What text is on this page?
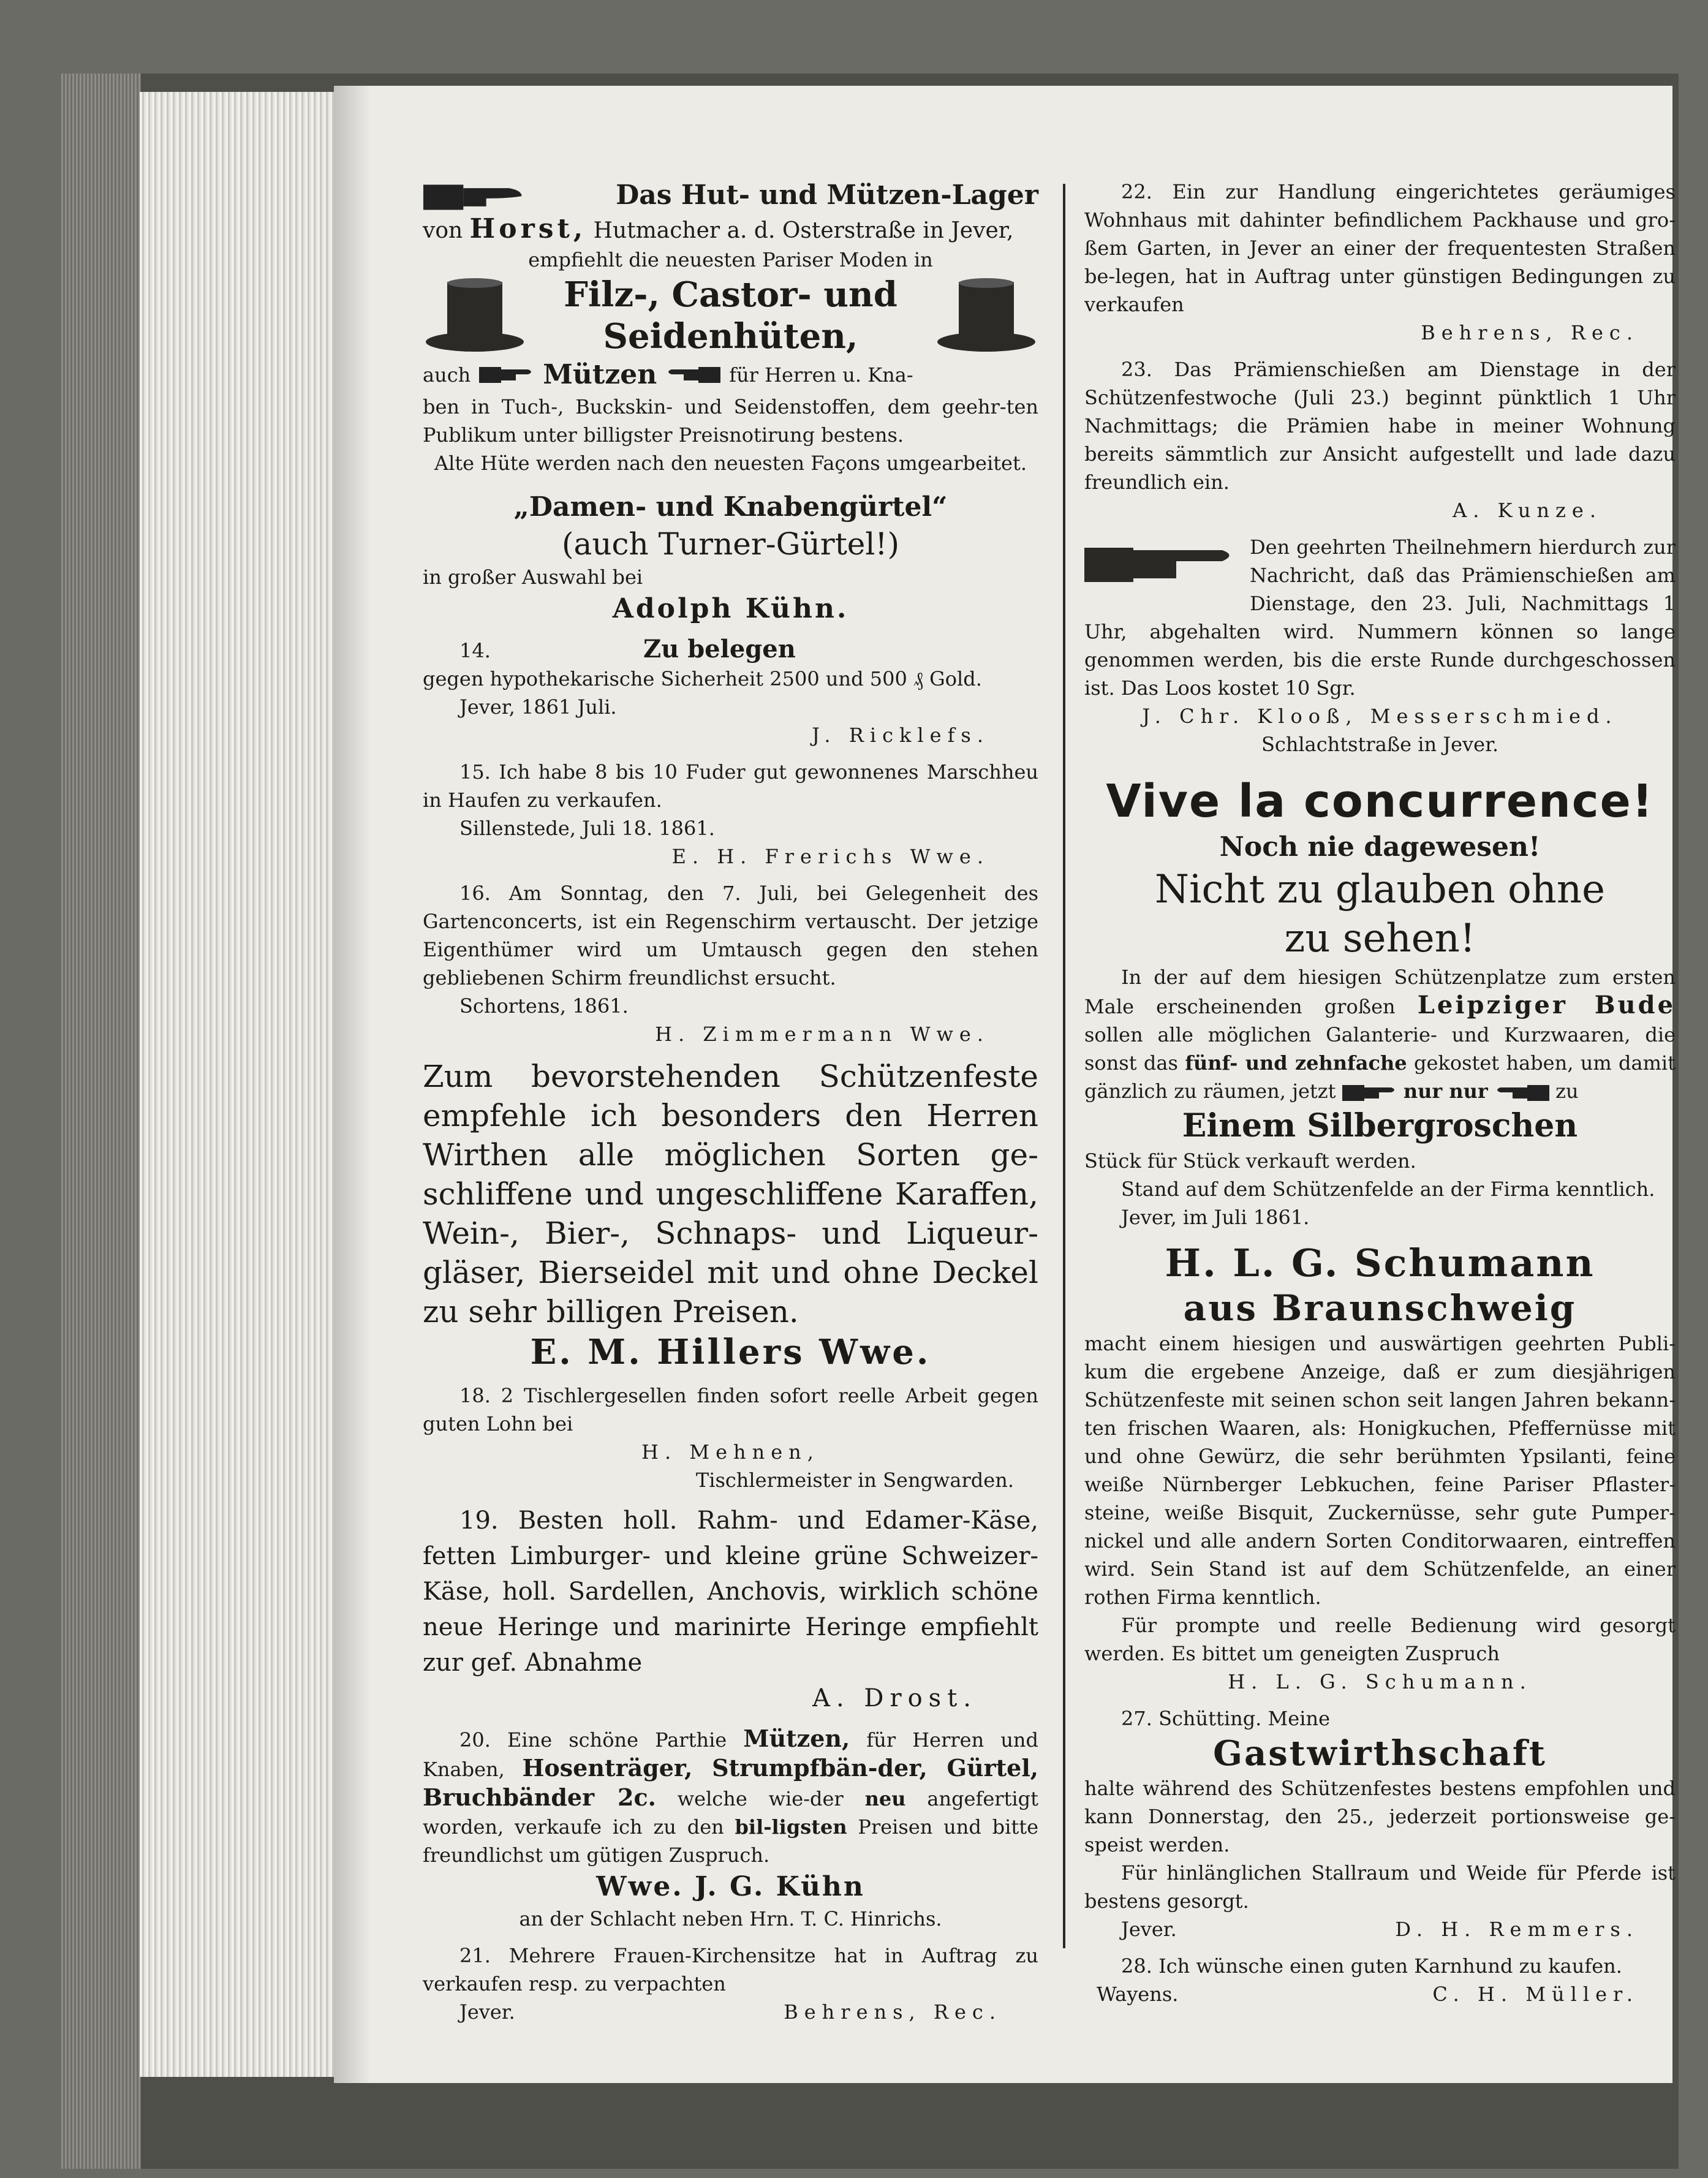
Das Hut- und Mützen-Lager

von Horst, Hutmacher a. d. Osterstraße in Jever,

empfiehlt die neuesten Pariser Moden in

Filz-, Castor- und

Seidenhüten,

auch	Mützen	für Herren u. Kna-

ben in Tuch-, Buckskin- und Seidenstoffen, dem geehr-ten Publikum unter billigster Preisnotirung bestens.

Alte Hüte werden nach den neuesten Façons umgearbeitet.

„Damen- und Knabengürtel“

(auch Turner-Gürtel!)

in großer Auswahl bei

Adolph Kühn.

14.	Zu belegen

gegen hypothekarische Sicherheit 2500 und 500 ₰ Gold.

Jever, 1861 Juli.

J. Ricklefs.

15. Ich habe 8 bis 10 Fuder gut gewonnenes Marschheu in Haufen zu verkaufen.

Sillenstede, Juli 18. 1861.

E. H. Frerichs Wwe.

16. Am Sonntag, den 7. Juli, bei Gelegenheit des Gartenconcerts, ist ein Regenschirm vertauscht. Der jetzige Eigenthümer wird um Umtausch gegen den stehen gebliebenen Schirm freundlichst ersucht.

Schortens, 1861.

H. Zimmermann Wwe.

Zum bevorstehenden Schützenfeste empfehle ich besonders den Herren Wirthen alle möglichen Sorten ge-schliffene und ungeschliffene Karaffen, Wein-, Bier-, Schnaps- und Liqueur-gläser, Bierseidel mit und ohne Deckel zu sehr billigen Preisen.

E. M. Hillers Wwe.

18. 2 Tischlergesellen finden sofort reelle Arbeit gegen guten Lohn bei

H. Mehnen,

Tischlermeister in Sengwarden.

19. Besten holl. Rahm- und Edamer-Käse, fetten Limburger- und kleine grüne Schweizer-Käse, holl. Sardellen, Anchovis, wirklich schöne neue Heringe und marinirte Heringe empfiehlt zur gef. Abnahme

A. Drost.

20. Eine schöne Parthie Mützen, für Herren und Knaben, Hosenträger, Strumpfbän-der, Gürtel, Bruchbänder 2c. welche wie-der neu angefertigt worden, verkaufe ich zu den bil-ligsten Preisen und bitte freundlichst um gütigen Zuspruch.

Wwe. J. G. Kühn

an der Schlacht neben Hrn. T. C. Hinrichs.

21. Mehrere Frauen-Kirchensitze hat in Auftrag zu verkaufen resp. zu verpachten

Jever.	Behrens, Rec.

22. Ein zur Handlung eingerichtetes geräumiges Wohnhaus mit dahinter befindlichem Packhause und gro-ßem Garten, in Jever an einer der frequentesten Straßen be-legen, hat in Auftrag unter günstigen Bedingungen zu verkaufen

Behrens, Rec.

23. Das Prämienschießen am Dienstage in der Schützenfestwoche (Juli 23.) beginnt pünktlich 1 Uhr Nachmittags; die Prämien habe in meiner Wohnung bereits sämmtlich zur Ansicht aufgestellt und lade dazu freundlich ein.

A. Kunze.

Den geehrten Theilnehmern hierdurch zur Nachricht, daß das Prämienschießen am Dienstage, den 23. Juli, Nachmittags 1 Uhr, abgehalten wird. Nummern können so lange genommen werden, bis die erste Runde durchgeschossen ist. Das Loos kostet 10 Sgr.

J. Chr. Klooß, Messerschmied.

Schlachtstraße in Jever.

Vive la concurrence!

Noch nie dagewesen!

Nicht zu glauben ohne

zu sehen!

In der auf dem hiesigen Schützenplatze zum ersten Male erscheinenden großen Leipziger Bude sollen alle möglichen Galanterie- und Kurzwaaren, die sonst das fünf- und zehnfache gekostet haben, um damit gänzlich zu räumen, jetzt	nur nur	zu

Einem Silbergroschen

Stück für Stück verkauft werden.

Stand auf dem Schützenfelde an der Firma kenntlich.

Jever, im Juli 1861.

H. L. G. Schumann

aus Braunschweig

macht einem hiesigen und auswärtigen geehrten Publi-kum die ergebene Anzeige, daß er zum diesjährigen Schützenfeste mit seinen schon seit langen Jahren bekann-ten frischen Waaren, als: Honigkuchen, Pfeffernüsse mit und ohne Gewürz, die sehr berühmten Ypsilanti, feine weiße Nürnberger Lebkuchen, feine Pariser Pflaster-steine, weiße Bisquit, Zuckernüsse, sehr gute Pumper-nickel und alle andern Sorten Conditorwaaren, eintreffen wird. Sein Stand ist auf dem Schützenfelde, an einer rothen Firma kenntlich.

Für prompte und reelle Bedienung wird gesorgt werden. Es bittet um geneigten Zuspruch

H. L. G. Schumann.

27. Schütting. Meine

Gastwirthschaft

halte während des Schützenfestes bestens empfohlen und kann Donnerstag, den 25., jederzeit portionsweise ge-speist werden.

Für hinlänglichen Stallraum und Weide für Pferde ist bestens gesorgt.

Jever.	D. H. Remmers.

28. Ich wünsche einen guten Karnhund zu kaufen.

Wayens.	C. H. Müller.
